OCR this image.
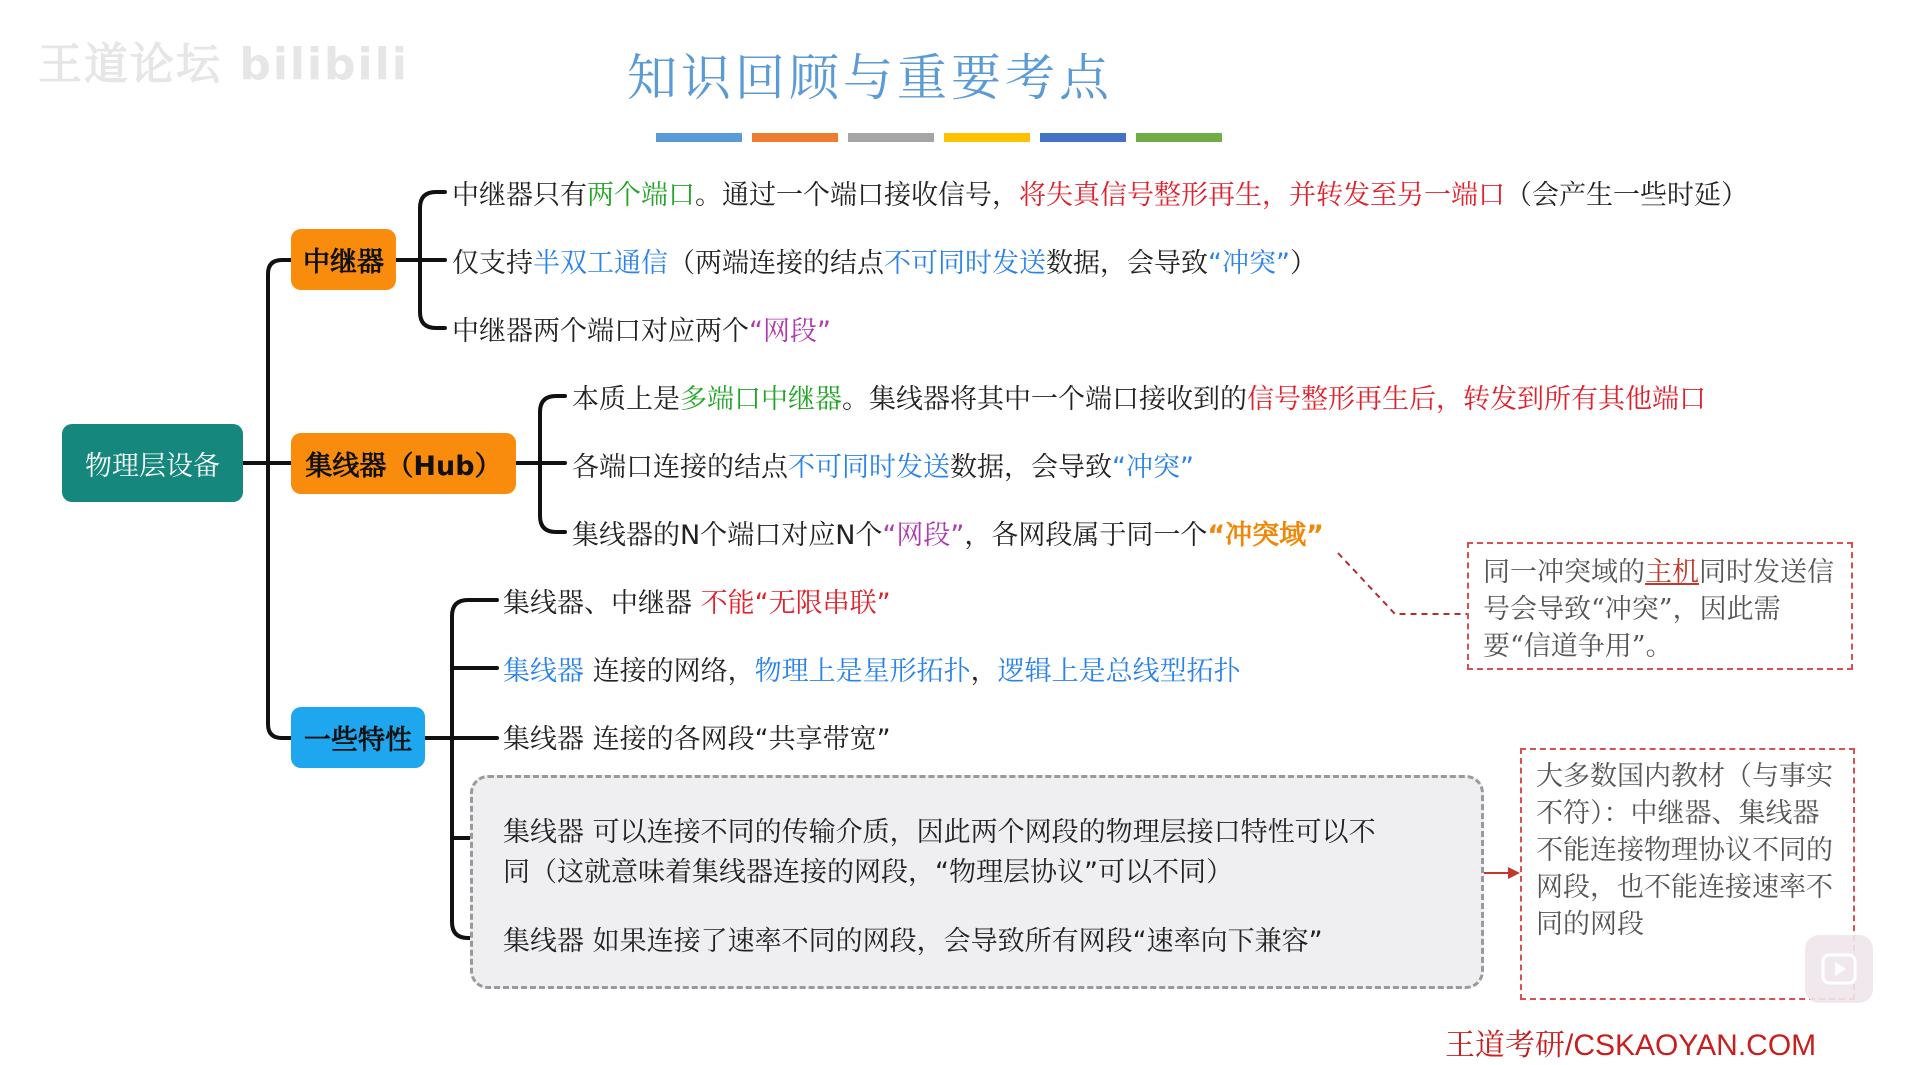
王道论坛 bilibili	知识回顾与重要考点
物理层设备
中继器
集线器（Hub）
一些特性
中继器只有两个端口。通过一个端口接收信号，将失真信号整形再生，并转发至另一端口（会产生一些时延）
仅支持半双工通信（两端连接的结点不可同时发送数据，会导致“冲突”）
中继器两个端口对应两个“网段”
本质上是多端口中继器。集线器将其中一个端口接收到的信号整形再生后，转发到所有其他端口
各端口连接的结点不可同时发送数据，会导致“冲突”
集线器的N个端口对应N个“网段”，各网段属于同一个“冲突域”
集线器、中继器 不能“无限串联”
集线器 连接的网络，物理上是星形拓扑，逻辑上是总线型拓扑
集线器 连接的各网段“共享带宽”
集线器 可以连接不同的传输介质，因此两个网段的物理层接口特性可以不
同（这就意味着集线器连接的网段，“物理层协议”可以不同）
集线器 如果连接了速率不同的网段，会导致所有网段“速率向下兼容”
同一冲突域的主机同时发送信号会导致“冲突”，因此需要“信道争用”。
大多数国内教材（与事实不符）：中继器、集线器不能连接物理协议不同的网段，也不能连接速率不同的网段
王道考研/CSKAOYAN.COM
